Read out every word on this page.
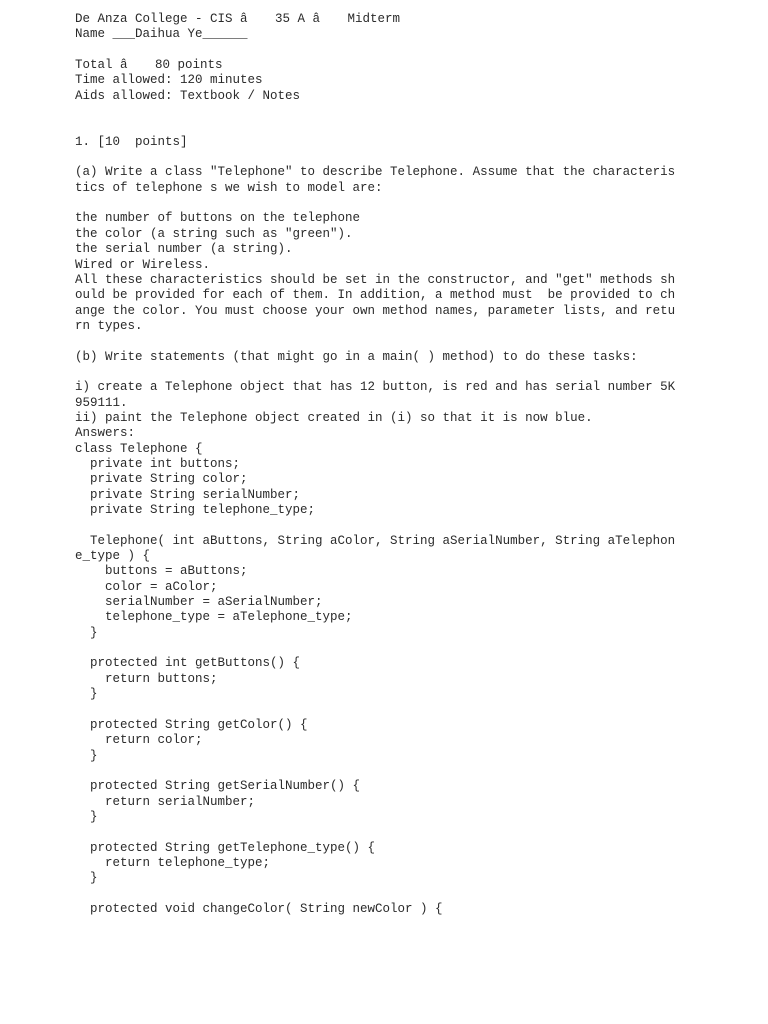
De Anza College - CIS â 35 A â Midterm
Name ___Daihua Ye______
Total â 80 points
Time allowed: 120 minutes
Aids allowed: Textbook / Notes
1. [10  points]
(a) Write a class "Telephone" to describe Telephone. Assume that the characteris
tics of telephone s we wish to model are:
the number of buttons on the telephone
the color (a string such as "green").
the serial number (a string).
Wired or Wireless.
All these characteristics should be set in the constructor, and "get" methods sh
ould be provided for each of them. In addition, a method must  be provided to ch
ange the color. You must choose your own method names, parameter lists, and retu
rn types.
(b) Write statements (that might go in a main( ) method) to do these tasks:
i) create a Telephone object that has 12 button, is red and has serial number 5K
959111.
ii) paint the Telephone object created in (i) so that it is now blue.
Answers:
class Telephone {
private int buttons;
private String color;
private String serialNumber;
private String telephone_type;
Telephone( int aButtons, String aColor, String aSerialNumber, String aTelephon
e_type ) {
buttons = aButtons;
color = aColor;
serialNumber = aSerialNumber;
telephone_type = aTelephone_type;
}
protected int getButtons() {
return buttons;
}
protected String getColor() {
return color;
}
protected String getSerialNumber() {
return serialNumber;
}
protected String getTelephone_type() {
return telephone_type;
}
protected void changeColor( String newColor ) {
